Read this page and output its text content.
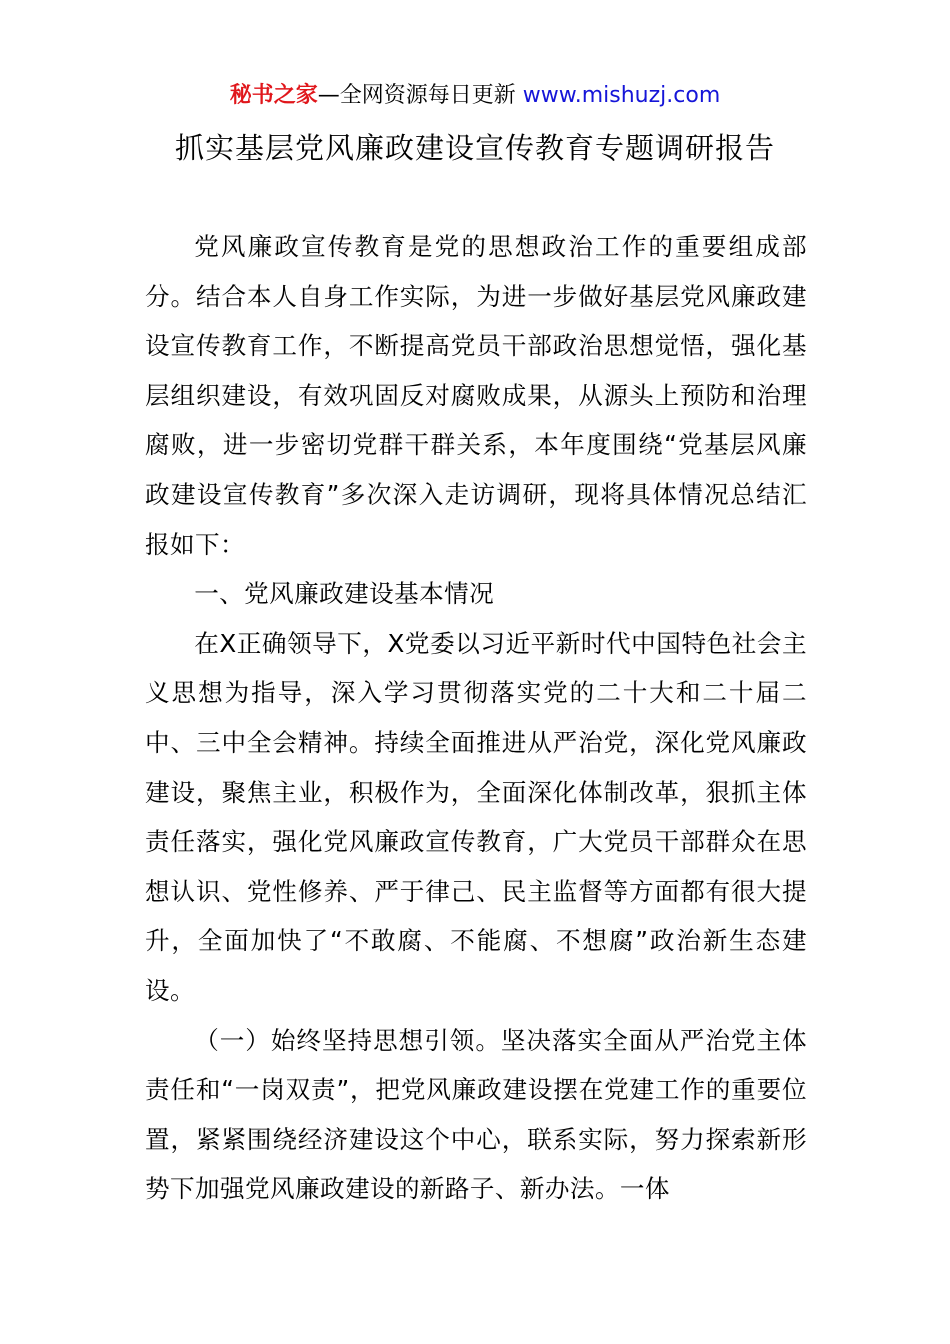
秘书之家—全网资源每日更新 www.mishuzj.com
抓实基层党风廉政建设宣传教育专题调研报告

党风廉政宣传教育是党的思想政治工作的重要组成部分。结合本人自身工作实际，为进一步做好基层党风廉政建设宣传教育工作，不断提高党员干部政治思想觉悟，强化基层组织建设，有效巩固反对腐败成果，从源头上预防和治理腐败，进一步密切党群干群关系，本年度围绕“党基层风廉政建设宣传教育”多次深入走访调研，现将具体情况总结汇报如下：

一、党风廉政建设基本情况

在X正确领导下，X党委以习近平新时代中国特色社会主义思想为指导，深入学习贯彻落实党的二十大和二十届二中、三中全会精神。持续全面推进从严治党，深化党风廉政建设，聚焦主业，积极作为，全面深化体制改革，狠抓主体责任落实，强化党风廉政宣传教育，广大党员干部群众在思想认识、党性修养、严于律己、民主监督等方面都有很大提升，全面加快了“不敢腐、不能腐、不想腐”政治新生态建设。

（一）始终坚持思想引领。坚决落实全面从严治党主体责任和“一岗双责”，把党风廉政建设摆在党建工作的重要位置，紧紧围绕经济建设这个中心，联系实际，努力探索新形势下加强党风廉政建设的新路子、新办法。一体
